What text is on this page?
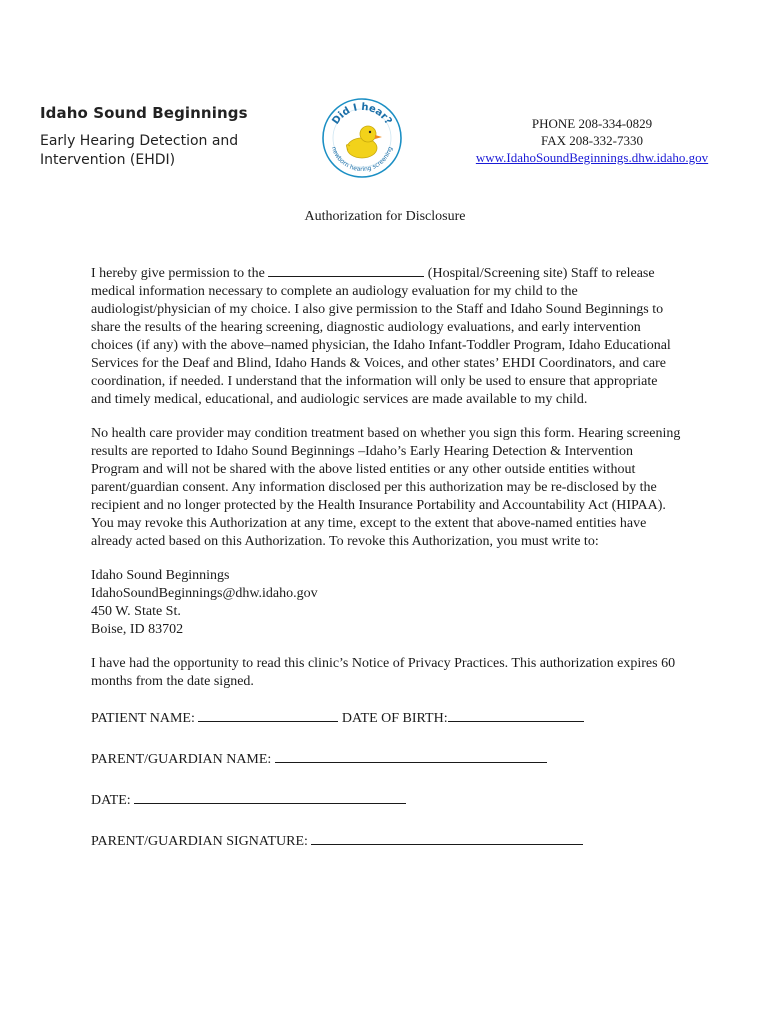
Idaho Sound Beginnings
Early Hearing Detection and
Intervention (EHDI)
Did I hear?
newborn hearing screening
PHONE 208-334-0829
FAX 208-332-7330
www.IdahoSoundBeginnings.dhw.idaho.gov
Authorization for Disclosure

I hereby give permission to the	(Hospital/Screening site) Staff to release medical information necessary to complete an audiology evaluation for my child to the audiologist/physician of my choice. I also give permission to the Staff and Idaho Sound Beginnings to share the results of the hearing screening, diagnostic audiology evaluations, and early intervention choices (if any) with the above–named physician, the Idaho Infant-Toddler Program, Idaho Educational Services for the Deaf and Blind, Idaho Hands & Voices, and other states’ EHDI Coordinators, and care coordination, if needed. I understand that the information will only be used to ensure that appropriate and timely medical, educational, and audiologic services are made available to my child.

No health care provider may condition treatment based on whether you sign this form. Hearing screening results are reported to Idaho Sound Beginnings –Idaho’s Early Hearing Detection & Intervention Program and will not be shared with the above listed entities or any other outside entities without parent/guardian consent. Any information disclosed per this authorization may be re-disclosed by the recipient and no longer protected by the Health Insurance Portability and Accountability Act (HIPAA). You may revoke this Authorization at any time, except to the extent that above-named entities have already acted based on this Authorization. To revoke this Authorization, you must write to:

Idaho Sound Beginnings

IdahoSoundBeginnings@dhw.idaho.gov

450 W. State St.

Boise, ID 83702

I have had the opportunity to read this clinic’s Notice of Privacy Practices. This authorization expires 60 months from the date signed.

PATIENT NAME:	DATE OF BIRTH:
PARENT/GUARDIAN NAME:
DATE:
PARENT/GUARDIAN SIGNATURE:
